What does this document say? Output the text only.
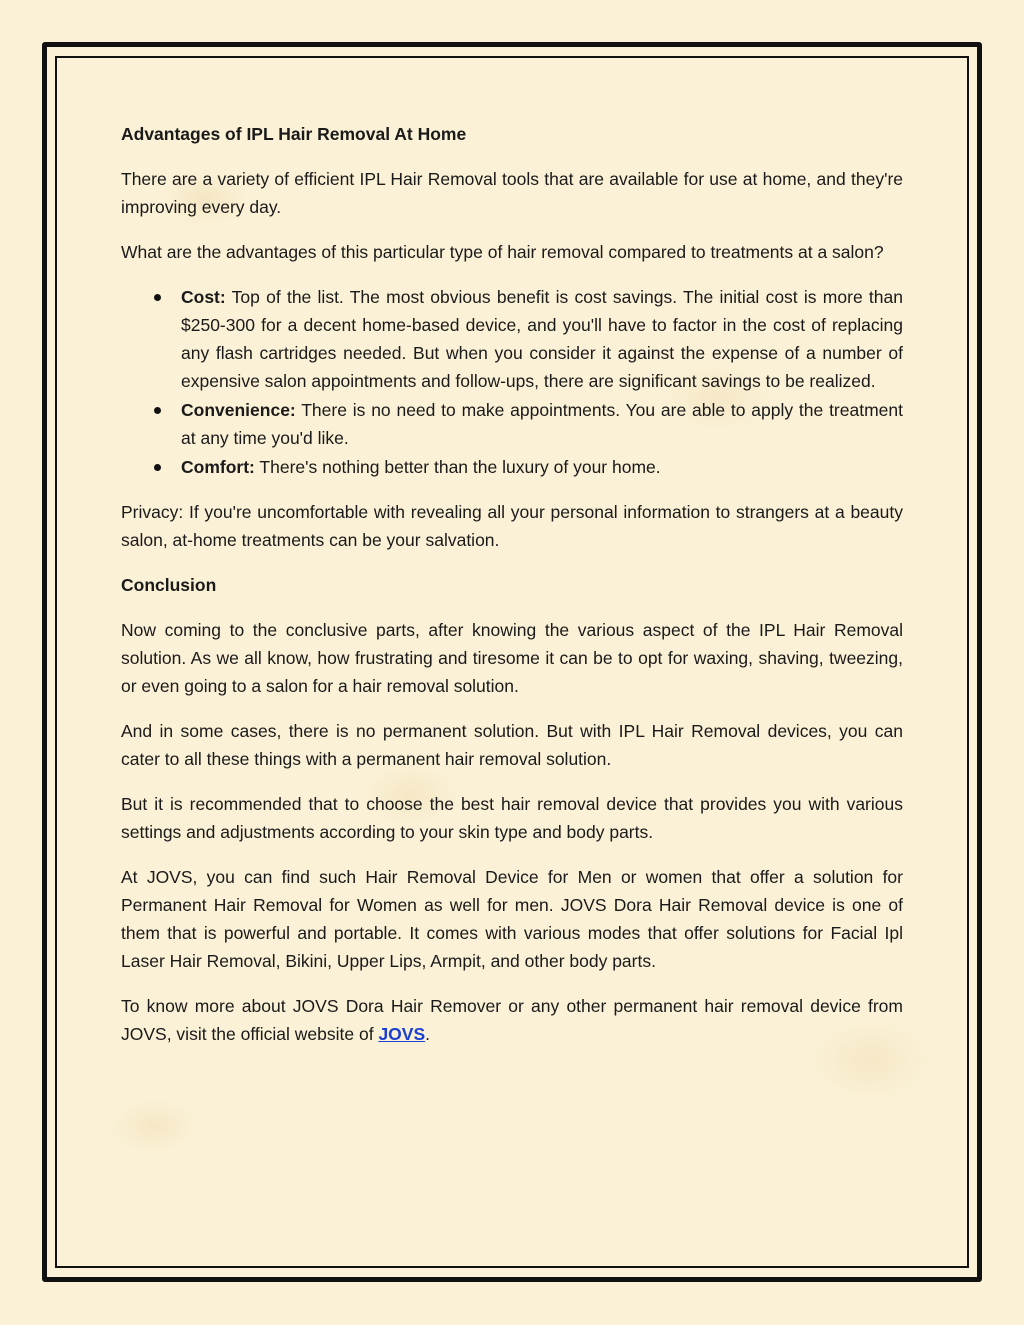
Advantages of IPL Hair Removal At Home

There are a variety of efficient IPL Hair Removal tools that are available for use at home, and they're improving every day.

What are the advantages of this particular type of hair removal compared to treatments at a salon?

Cost: Top of the list. The most obvious benefit is cost savings. The initial cost is more than $250-300 for a decent home-based device, and you'll have to factor in the cost of replacing any flash cartridges needed. But when you consider it against the expense of a number of expensive salon appointments and follow-ups, there are significant savings to be realized.
Convenience: There is no need to make appointments. You are able to apply the treatment at any time you'd like.
Comfort: There's nothing better than the luxury of your home.

Privacy: If you're uncomfortable with revealing all your personal information to strangers at a beauty salon, at-home treatments can be your salvation.

Conclusion

Now coming to the conclusive parts, after knowing the various aspect of the IPL Hair Removal solution. As we all know, how frustrating and tiresome it can be to opt for waxing, shaving, tweezing, or even going to a salon for a hair removal solution.

And in some cases, there is no permanent solution. But with IPL Hair Removal devices, you can cater to all these things with a permanent hair removal solution.

But it is recommended that to choose the best hair removal device that provides you with various settings and adjustments according to your skin type and body parts.

At JOVS, you can find such Hair Removal Device for Men or women that offer a solution for Permanent Hair Removal for Women as well for men. JOVS Dora Hair Removal device is one of them that is powerful and portable. It comes with various modes that offer solutions for Facial Ipl Laser Hair Removal, Bikini, Upper Lips, Armpit, and other body parts.

To know more about JOVS Dora Hair Remover or any other permanent hair removal device from JOVS, visit the official website of JOVS.
